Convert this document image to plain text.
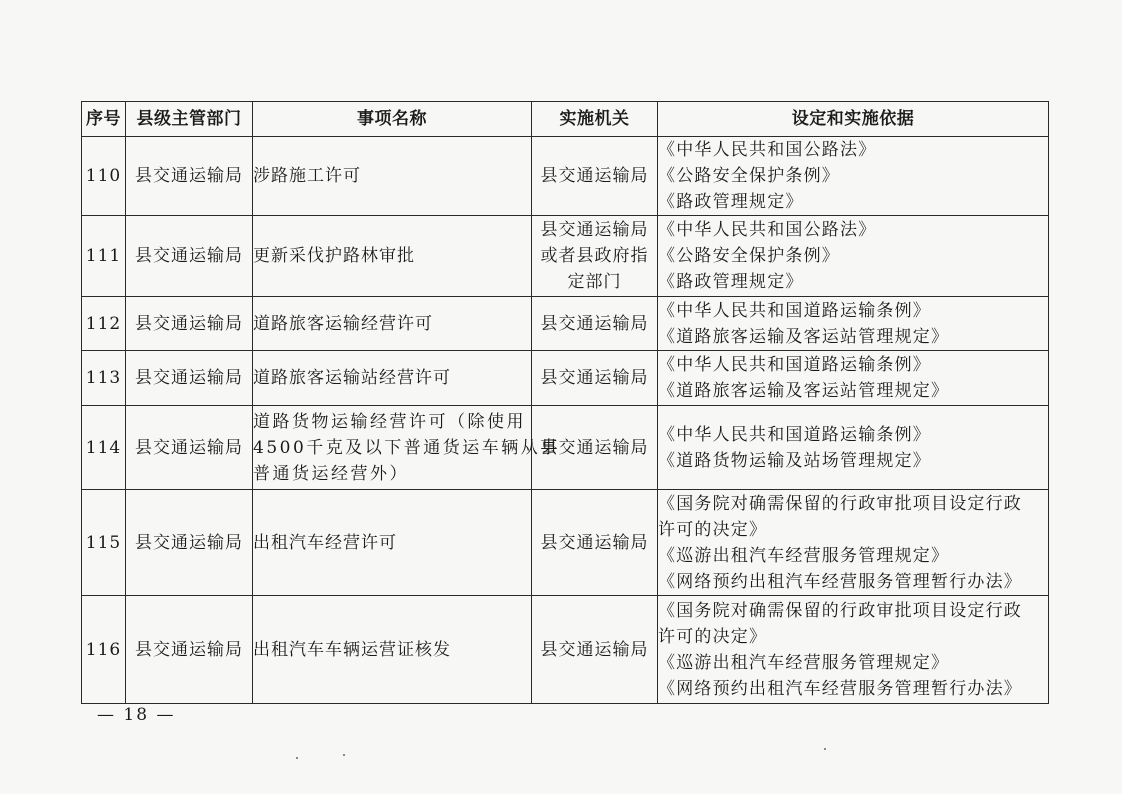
序号	县级主管部门	事项名称	实施机关	设定和实施依据
110	县交通运输局	涉路施工许可	县交通运输局	《中华人民共和国公路法》
《公路安全保护条例》
《路政管理规定》

111	县交通运输局	更新采伐护路林审批	县交通运输局
或者县政府指
定部门	《中华人民共和国公路法》
《公路安全保护条例》
《路政管理规定》

112	县交通运输局	道路旅客运输经营许可	县交通运输局	《中华人民共和国道路运输条例》
《道路旅客运输及客运站管理规定》

113	县交通运输局	道路旅客运输站经营许可	县交通运输局	《中华人民共和国道路运输条例》
《道路旅客运输及客运站管理规定》

114	县交通运输局	道路货物运输经营许可（除使用
4500千克及以下普通货运车辆从事
普通货运经营外）	县交通运输局	《中华人民共和国道路运输条例》
《道路货物运输及站场管理规定》

115	县交通运输局	出租汽车经营许可	县交通运输局	《国务院对确需保留的行政审批项目设定行政
许可的决定》
《巡游出租汽车经营服务管理规定》
《网络预约出租汽车经营服务管理暂行办法》

116	县交通运输局	出租汽车车辆运营证核发	县交通运输局	《国务院对确需保留的行政审批项目设定行政
许可的决定》
《巡游出租汽车经营服务管理规定》
《网络预约出租汽车经营服务管理暂行办法》
— 18 —
